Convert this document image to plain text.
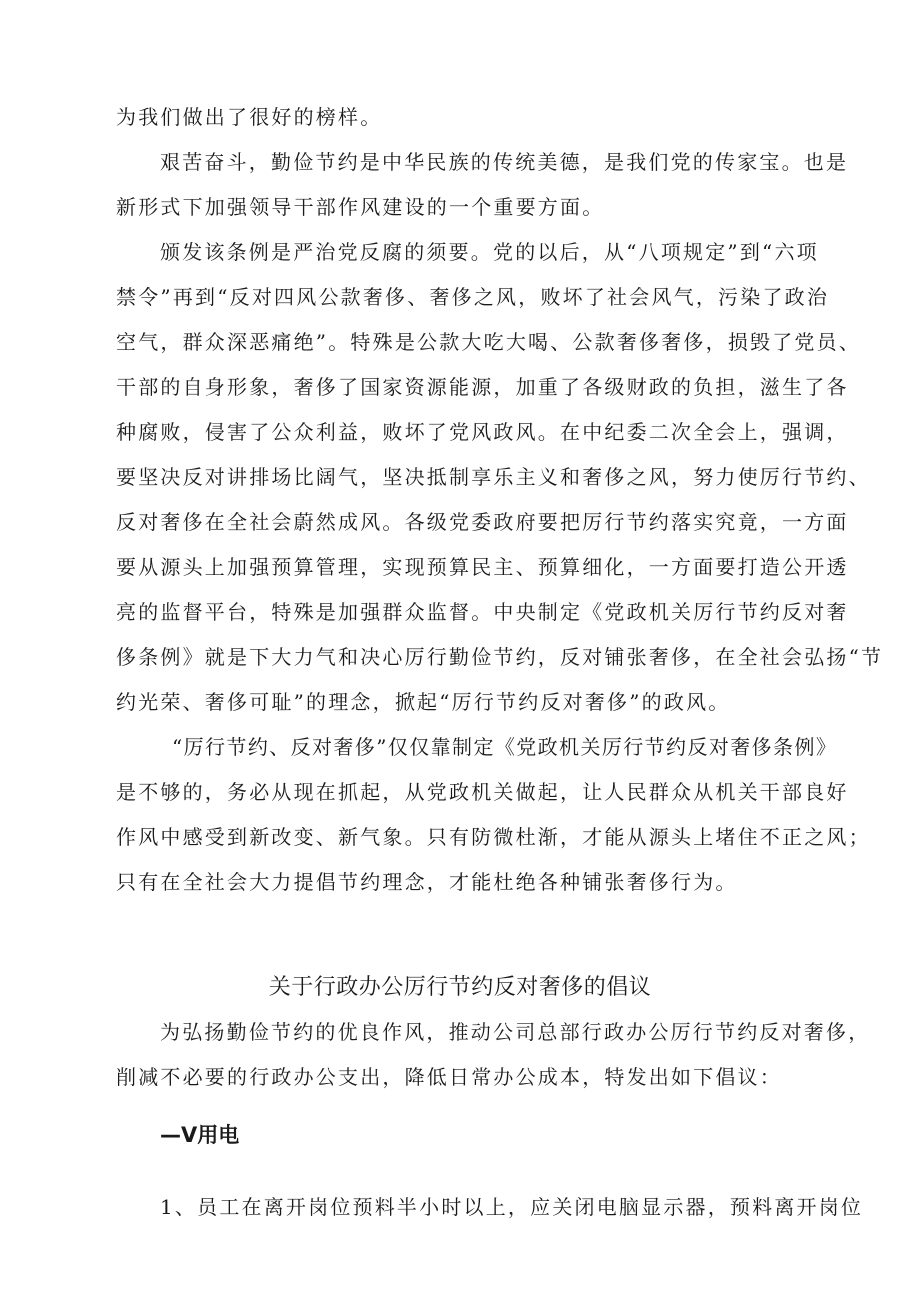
为我们做出了很好的榜样。
艰苦奋斗，勤俭节约是中华民族的传统美德，是我们党的传家宝。也是
新形式下加强领导干部作风建设的一个重要方面。
颁发该条例是严治党反腐的须要。党的以后，从“八项规定”到“六项
禁令”再到“反对四风公款奢侈、奢侈之风，败坏了社会风气，污染了政治
空气，群众深恶痛绝”。特殊是公款大吃大喝、公款奢侈奢侈，损毁了党员、
干部的自身形象，奢侈了国家资源能源，加重了各级财政的负担，滋生了各
种腐败，侵害了公众利益，败坏了党风政风。在中纪委二次全会上，强调，
要坚决反对讲排场比阔气，坚决抵制享乐主义和奢侈之风，努力使厉行节约、
反对奢侈在全社会蔚然成风。各级党委政府要把厉行节约落实究竟，一方面
要从源头上加强预算管理，实现预算民主、预算细化，一方面要打造公开透
亮的监督平台，特殊是加强群众监督。中央制定《党政机关厉行节约反对奢
侈条例》就是下大力气和决心厉行勤俭节约，反对铺张奢侈，在全社会弘扬“节
约光荣、奢侈可耻”的理念，掀起“厉行节约反对奢侈”的政风。
“厉行节约、反对奢侈”仅仅靠制定《党政机关厉行节约反对奢侈条例》
是不够的，务必从现在抓起，从党政机关做起，让人民群众从机关干部良好
作风中感受到新改变、新气象。只有防微杜渐，才能从源头上堵住不正之风；
只有在全社会大力提倡节约理念，才能杜绝各种铺张奢侈行为。
关于行政办公厉行节约反对奢侈的倡议
为弘扬勤俭节约的优良作风，推动公司总部行政办公厉行节约反对奢侈，
削减不必要的行政办公支出，降低日常办公成本，特发出如下倡议：
—V用电
1、员工在离开岗位预料半小时以上，应关闭电脑显示器，预料离开岗位
